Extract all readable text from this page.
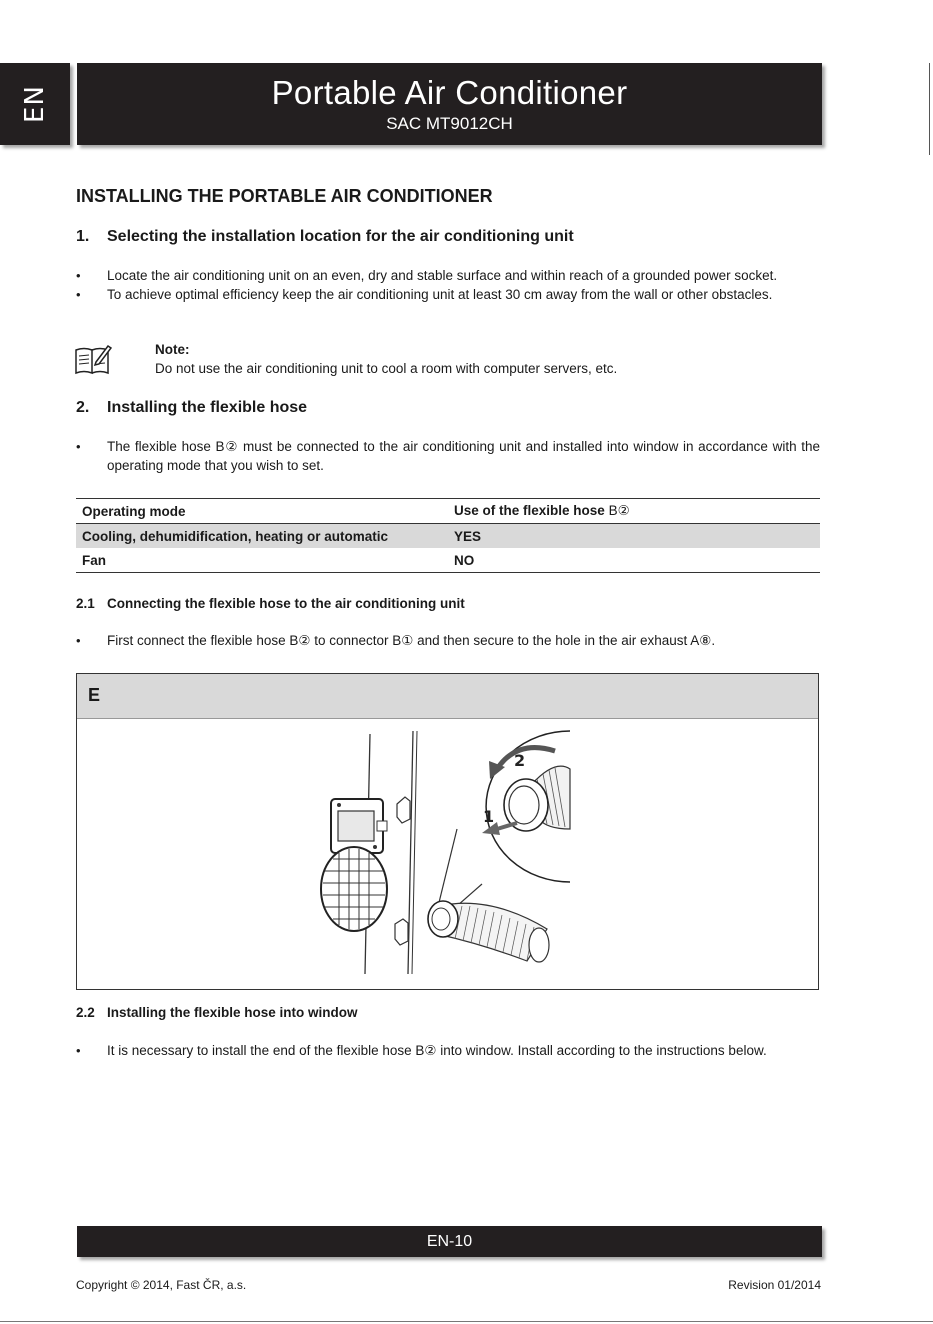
EN	Portable Air Conditioner
SAC MT9012CH
INSTALLING THE PORTABLE AIR CONDITIONER
1. Selecting the installation location for the air conditioning unit
• Locate the air conditioning unit on an even, dry and stable surface and within reach of a grounded power socket.
• To achieve optimal efficiency keep the air conditioning unit at least 30 cm away from the wall or other obstacles.
Note:
Do not use the air conditioning unit to cool a room with computer servers, etc.
2. Installing the flexible hose
• The flexible hose B② must be connected to the air conditioning unit and installed into window in accordance with the operating mode that you wish to set.
Operating mode	Use of the flexible hose B②
Cooling, dehumidification, heating or automatic	YES
Fan	NO
2.1 Connecting the flexible hose to the air conditioning unit
• First connect the flexible hose B② to connector B① and then secure to the hole in the air exhaust A⑧.
E
2
1
2.2 Installing the flexible hose into window
• It is necessary to install the end of the flexible hose B② into window. Install according to the instructions below.
EN-10
Copyright © 2014, Fast ČR, a.s.	Revision 01/2014
